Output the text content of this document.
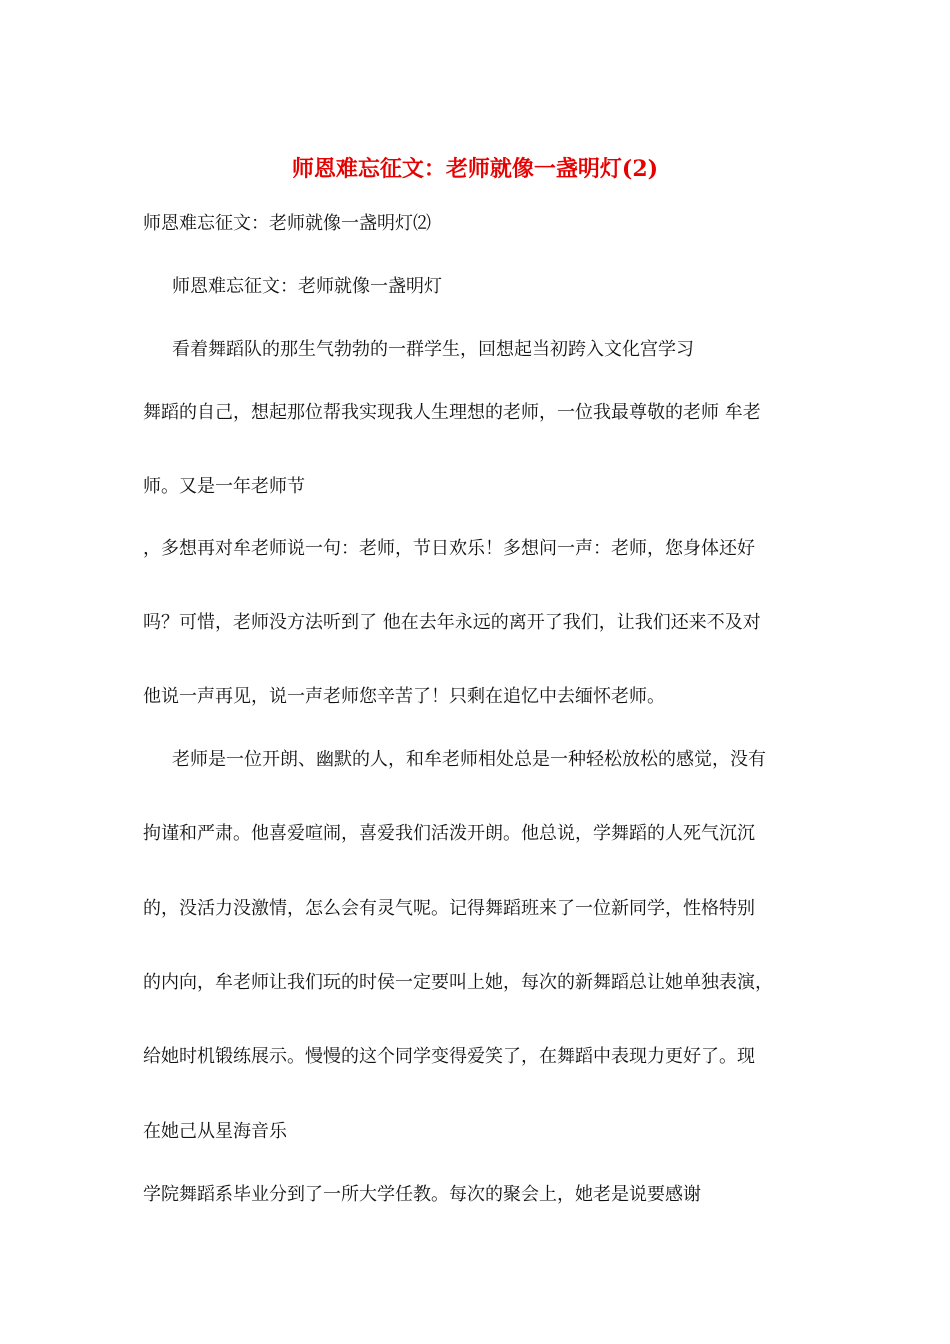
师恩难忘征文：老师就像一盏明灯(2)
师恩难忘征文：老师就像一盏明灯⑵
师恩难忘征文：老师就像一盏明灯
看着舞蹈队的那生气勃勃的一群学生，回想起当初跨入文化宫学习
舞蹈的自己，想起那位帮我实现我人生理想的老师，一位我最尊敬的老师 牟老
师。又是一年老师节
，多想再对牟老师说一句：老师，节日欢乐！多想问一声：老师，您身体还好
吗？可惜，老师没方法听到了 他在去年永远的离开了我们，让我们还来不及对
他说一声再见，说一声老师您辛苦了！只剩在追忆中去缅怀老师。
老师是一位开朗、幽默的人，和牟老师相处总是一种轻松放松的感觉，没有
拘谨和严肃。他喜爱喧闹，喜爱我们活泼开朗。他总说，学舞蹈的人死气沉沉
的，没活力没激情，怎么会有灵气呢。记得舞蹈班来了一位新同学，性格特别
的内向，牟老师让我们玩的时侯一定要叫上她，每次的新舞蹈总让她单独表演，
给她时机锻练展示。慢慢的这个同学变得爱笑了，在舞蹈中表现力更好了。现
在她己从星海音乐
学院舞蹈系毕业分到了一所大学任教。每次的聚会上，她老是说要感谢
